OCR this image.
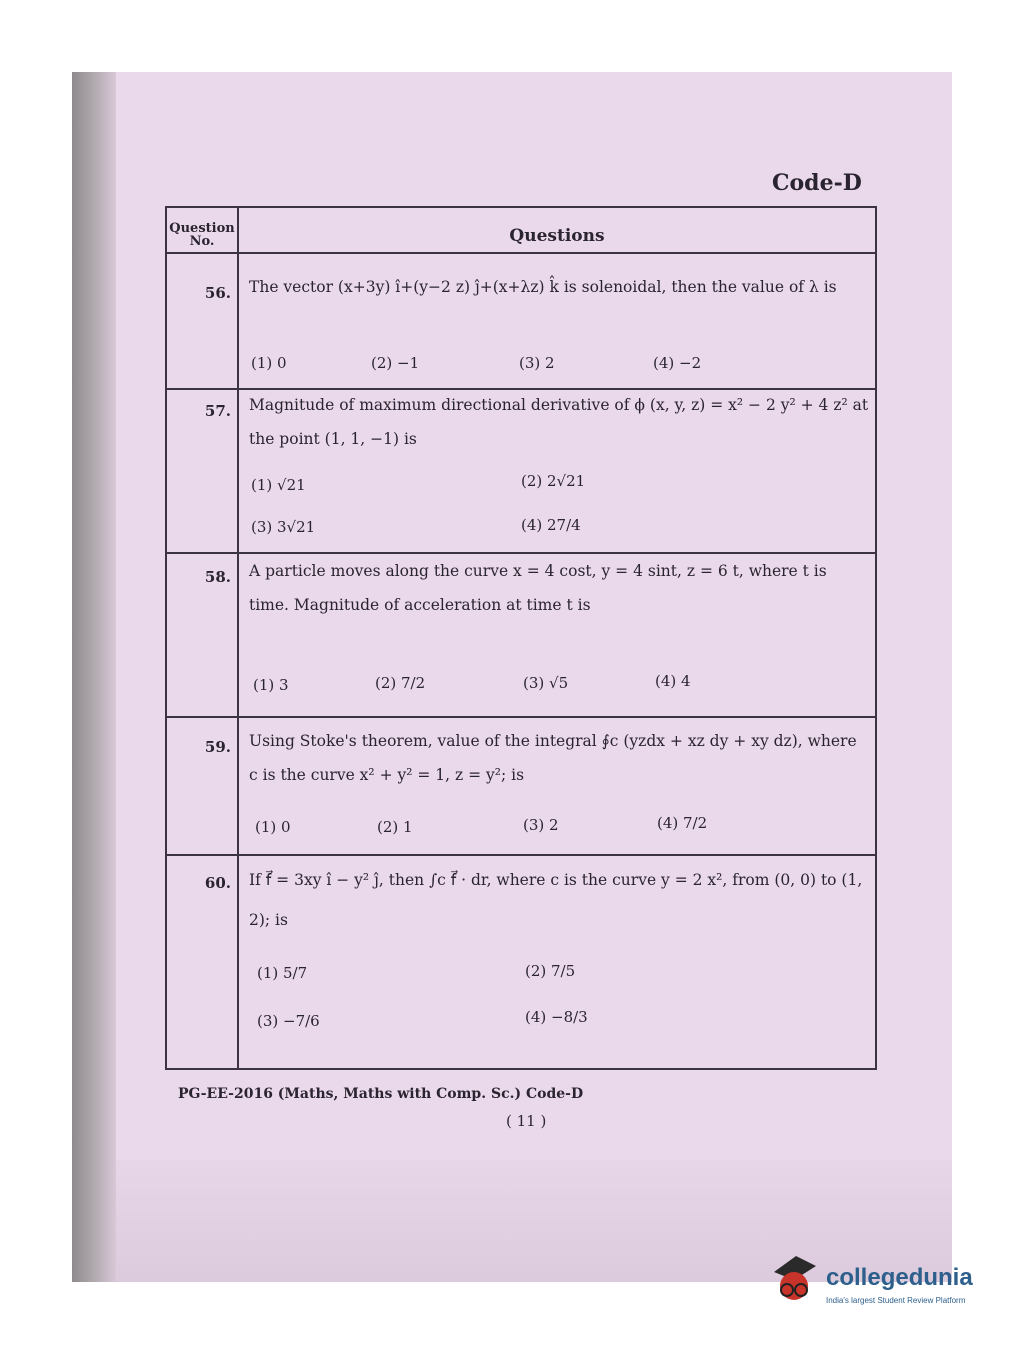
Code-D
Question No.	Questions
56. The vector (x+3y) î+(y−2 z) ĵ+(x+λz) k̂ is solenoidal, then the value of λ is
(1) 0	(2) −1	(3) 2	(4) −2
57. Magnitude of maximum directional derivative of ϕ (x, y, z) = x² − 2 y² + 4 z² at the point (1, 1, −1) is
(1) √21	(2) 2√21
(3) 3√21	(4) 27/4
58. A particle moves along the curve x = 4 cost, y = 4 sint, z = 6 t, where t is time. Magnitude of acceleration at time t is
(1) 3	(2) 7/2	(3) √5	(4) 4
59. Using Stoke's theorem, value of the integral ∮c (yzdx + xz dy + xy dz), where c is the curve x² + y² = 1, z = y²; is
(1) 0	(2) 1	(3) 2	(4) 7/2
60. If f⃗ = 3xy î − y² ĵ, then ∫c f⃗ · dr, where c is the curve y = 2 x², from (0, 0) to (1, 2); is
(1) 5/7	(2) 7/5
(3) −7/6	(4) −8/3
PG-EE-2016 (Maths, Maths with Comp. Sc.) Code-D
( 11 )
collegedunia
India's largest Student Review Platform
